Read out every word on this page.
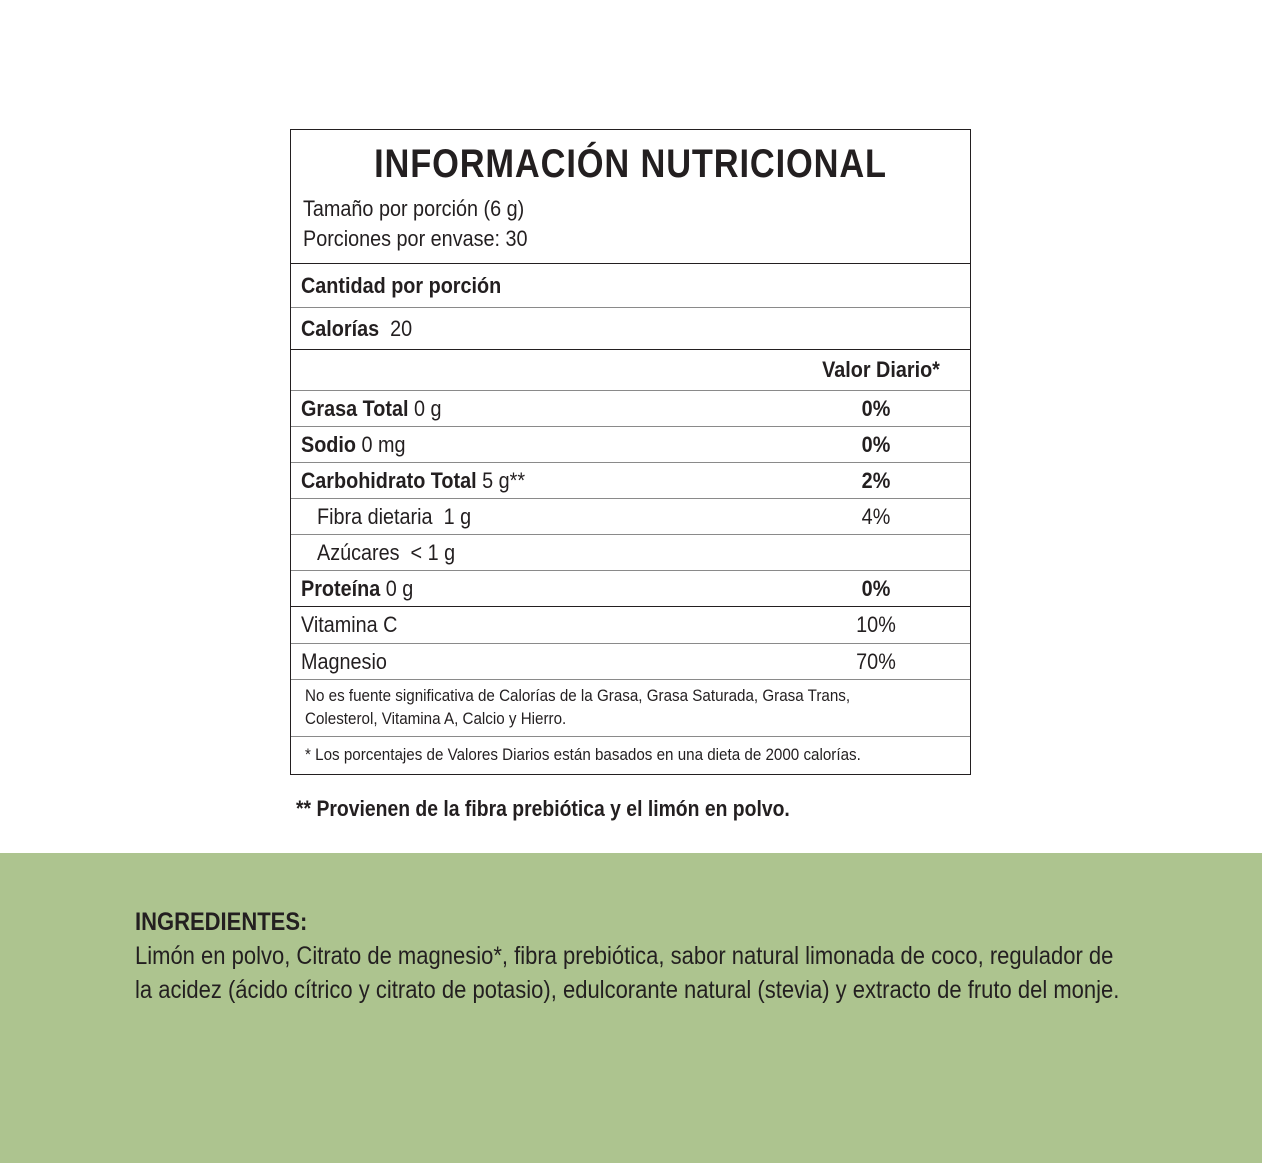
INFORMACIÓN NUTRICIONAL
Tamaño por porción (6 g)
Porciones por envase: 30
Cantidad por porción
Calorías 20
Valor Diario*
Grasa Total 0 g	0%
Sodio 0 mg	0%
Carbohidrato Total 5 g**	2%
Fibra dietaria 1 g	4%
Azúcares < 1 g
Proteína 0 g	0%
Vitamina C	10%
Magnesio	70%
No es fuente significativa de Calorías de la Grasa, Grasa Saturada, Grasa Trans,
Colesterol, Vitamina A, Calcio y Hierro.
* Los porcentajes de Valores Diarios están basados en una dieta de 2000 calorías.
** Provienen de la fibra prebiótica y el limón en polvo.
INGREDIENTES:
Limón en polvo, Citrato de magnesio*, fibra prebiótica, sabor natural limonada de coco, regulador de
la acidez (ácido cítrico y citrato de potasio), edulcorante natural (stevia) y extracto de fruto del monje.
